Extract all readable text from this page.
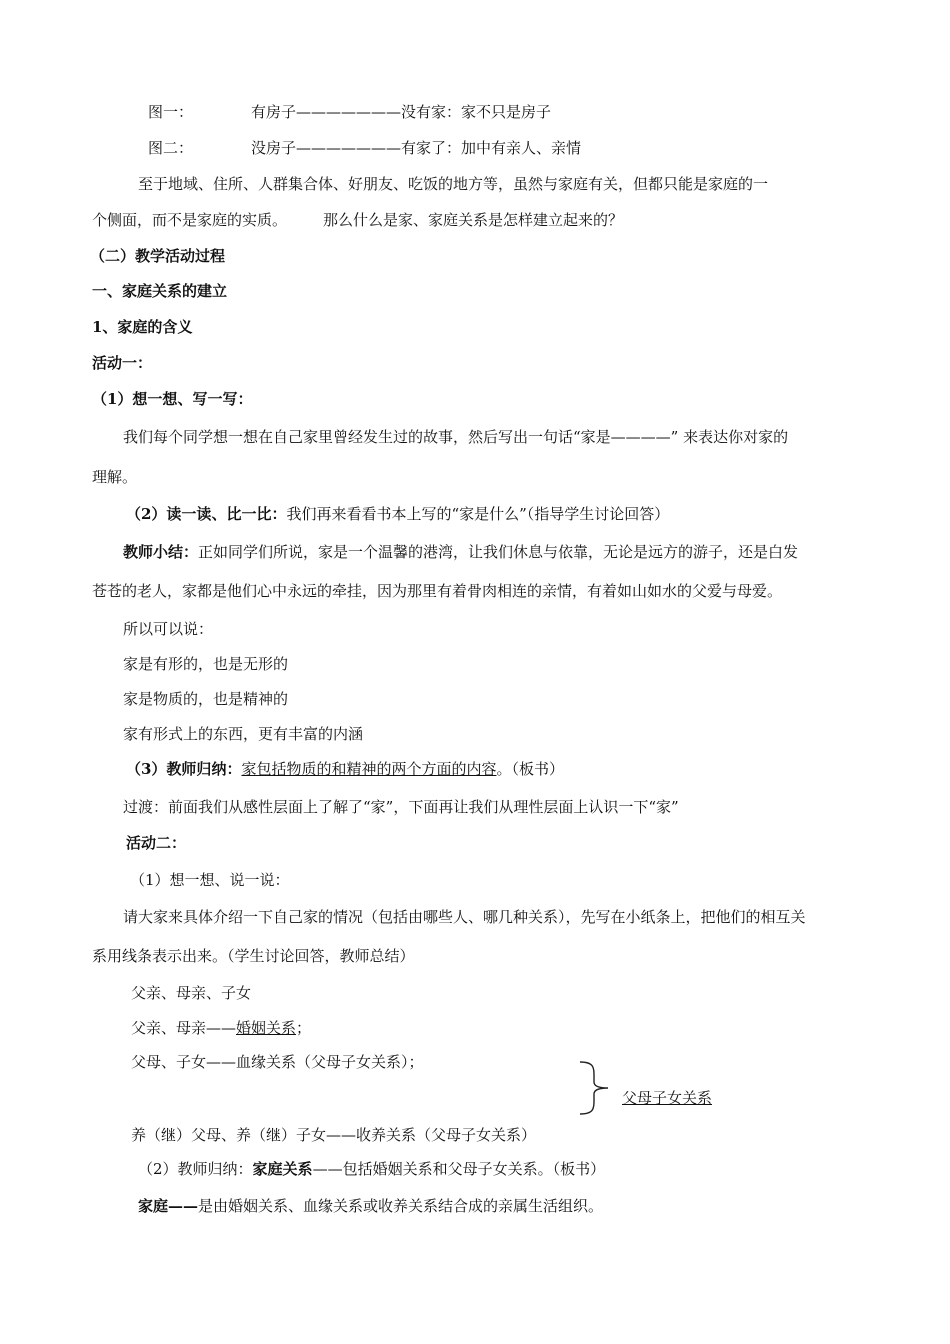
图一：	有房子———————没有家：家不只是房子
图二：	没房子———————有家了：加中有亲人、亲情
至于地域、住所、人群集合体、好朋友、吃饭的地方等，虽然与家庭有关，但都只能是家庭的一
个侧面，而不是家庭的实质。 那么什么是家、家庭关系是怎样建立起来的？
（二）教学活动过程
一、家庭关系的建立
1、家庭的含义
活动一：
（1）想一想、写一写：
我们每个同学想一想在自己家里曾经发生过的故事，然后写出一句话“家是————” 来表达你对家的
理解。
（2）读一读、比一比：我们再来看看书本上写的“家是什么”（指导学生讨论回答）
教师小结：正如同学们所说，家是一个温馨的港湾，让我们休息与依靠，无论是远方的游子，还是白发
苍苍的老人，家都是他们心中永远的牵挂，因为那里有着骨肉相连的亲情，有着如山如水的父爱与母爱。
所以可以说：
家是有形的，也是无形的
家是物质的，也是精神的
家有形式上的东西，更有丰富的内涵
（3）教师归纳：家包括物质的和精神的两个方面的内容。（板书）
过渡：前面我们从感性层面上了解了“家”，下面再让我们从理性层面上认识一下“家”
活动二：
（1）想一想、说一说：
请大家来具体介绍一下自己家的情况（包括由哪些人、哪几种关系），先写在小纸条上，把他们的相互关
系用线条表示出来。（学生讨论回答，教师总结）
父亲、母亲、子女
父亲、母亲——婚姻关系；
父母、子女——血缘关系（父母子女关系）；
父母子女关系
养（继）父母、养（继）子女——收养关系（父母子女关系）
（2）教师归纳：家庭关系——包括婚姻关系和父母子女关系。（板书）
家庭——是由婚姻关系、血缘关系或收养关系结合成的亲属生活组织。
